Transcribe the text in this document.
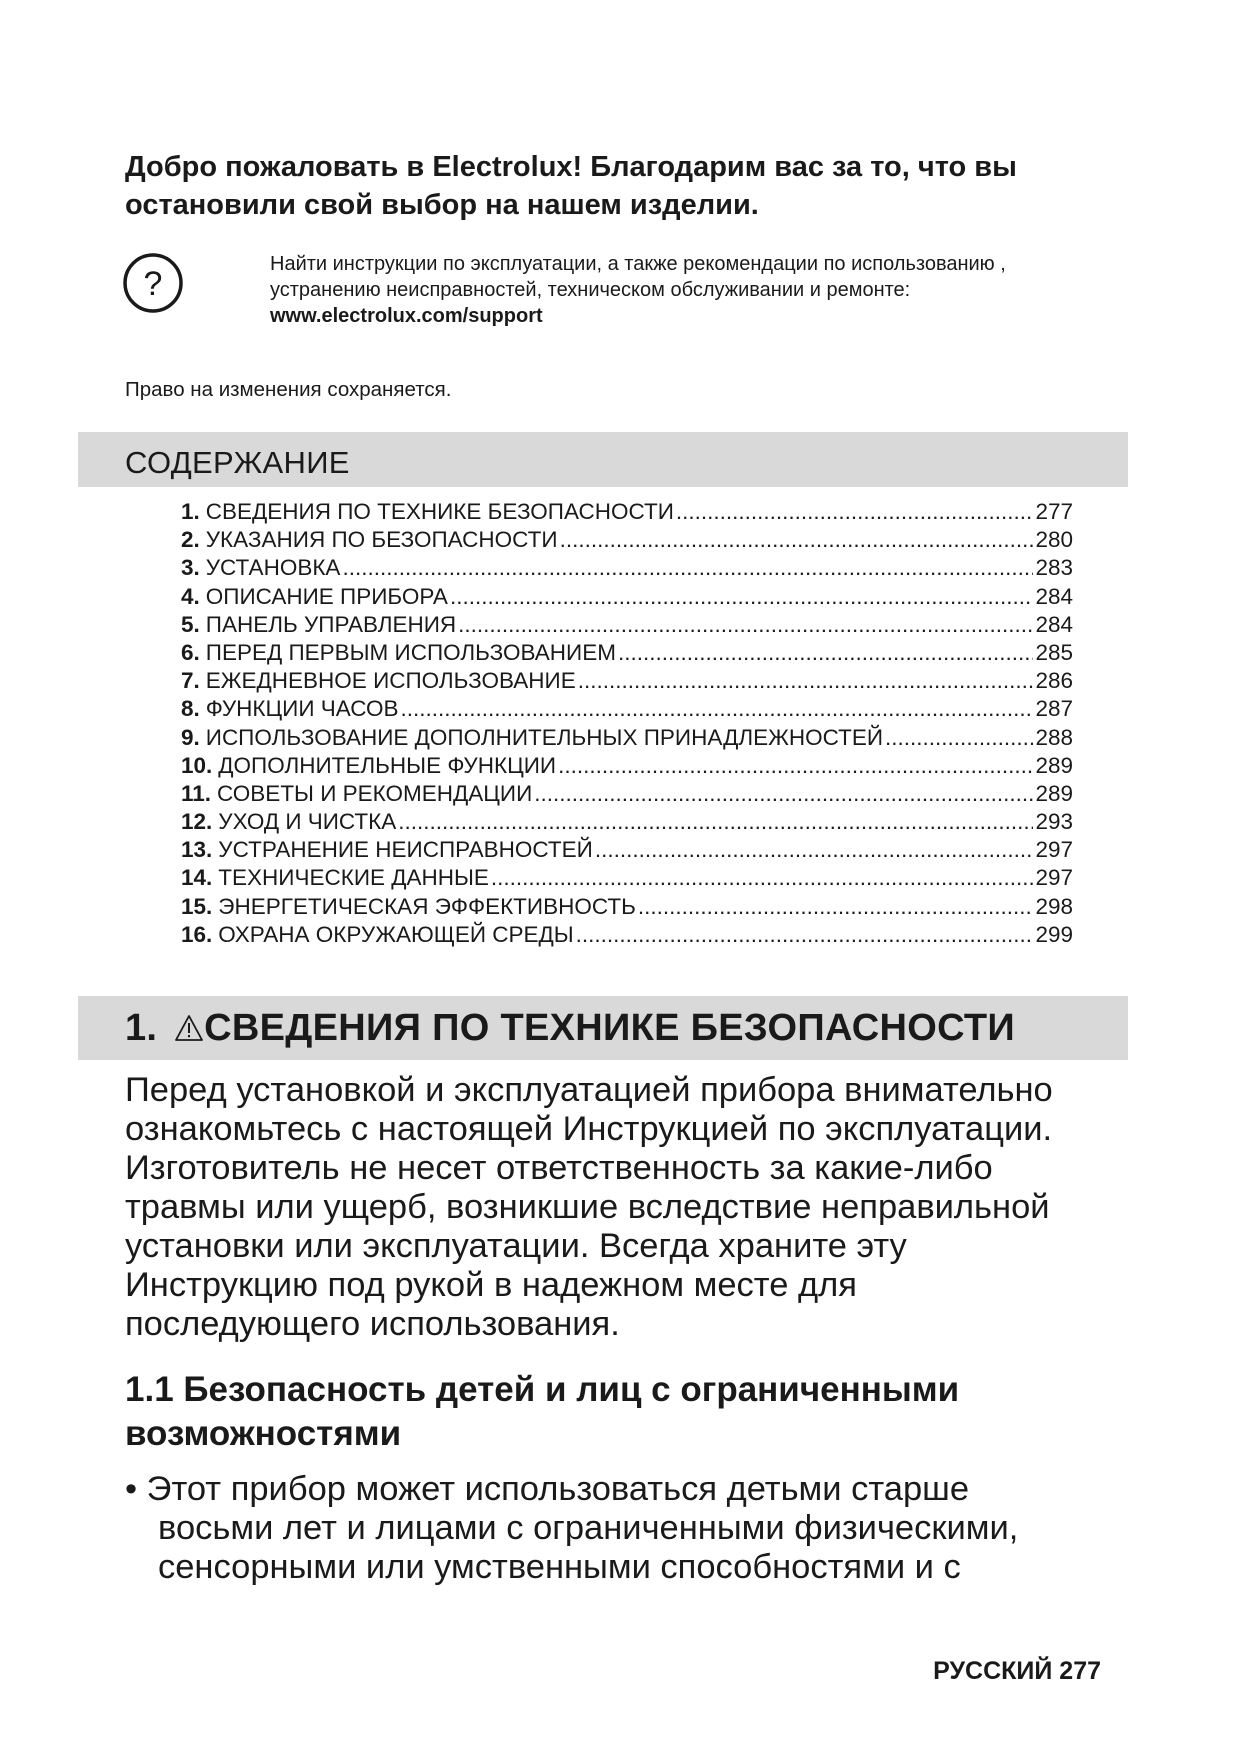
Добро пожаловать в Electrolux! Благодарим вас за то, что вы
остановили свой выбор на нашем изделии.
?
Найти инструкции по эксплуатации, а также рекомендации по использованию ,
устранению неисправностей, техническом обслуживании и ремонте:
www.electrolux.com/support
Право на изменения сохраняется.
СОДЕРЖАНИЕ
1. СВЕДЕНИЯ ПО ТЕХНИКЕ БЕЗОПАСНОСТИ .....	277
2. УКАЗАНИЯ ПО БЕЗОПАСНОСТИ .....	280
3. УСТАНОВКА .....	283
4. ОПИСАНИЕ ПРИБОРА .....	284
5. ПАНЕЛЬ УПРАВЛЕНИЯ .....	284
6. ПЕРЕД ПЕРВЫМ ИСПОЛЬЗОВАНИЕМ .....	285
7. ЕЖЕДНЕВНОЕ ИСПОЛЬЗОВАНИЕ .....	286
8. ФУНКЦИИ ЧАСОВ .....	287
9. ИСПОЛЬЗОВАНИЕ ДОПОЛНИТЕЛЬНЫХ ПРИНАДЛЕЖНОСТЕЙ .....	288
10. ДОПОЛНИТЕЛЬНЫЕ ФУНКЦИИ .....	289
11. СОВЕТЫ И РЕКОМЕНДАЦИИ .....	289
12. УХОД И ЧИСТКА .....	293
13. УСТРАНЕНИЕ НЕИСПРАВНОСТЕЙ .....	297
14. ТЕХНИЧЕСКИЕ ДАННЫЕ .....	297
15. ЭНЕРГЕТИЧЕСКАЯ ЭФФЕКТИВНОСТЬ .....	298
16. ОХРАНА ОКРУЖАЮЩЕЙ СРЕДЫ .....	299
1. СВЕДЕНИЯ ПО ТЕХНИКЕ БЕЗОПАСНОСТИ

Перед установкой и эксплуатацией прибора внимательно
ознакомьтесь с настоящей Инструкцией по эксплуатации.
Изготовитель не несет ответственность за какие-либо
травмы или ущерб, возникшие вследствие неправильной
установки или эксплуатации. Всегда храните эту
Инструкцию под рукой в надежном месте для
последующего использования.

1.1 Безопасность детей и лиц с ограниченными
возможностями

• Этот прибор может использоваться детьми старше
восьми лет и лицами с ограниченными физическими,
сенсорными или умственными способностями и с

РУССКИЙ 277
